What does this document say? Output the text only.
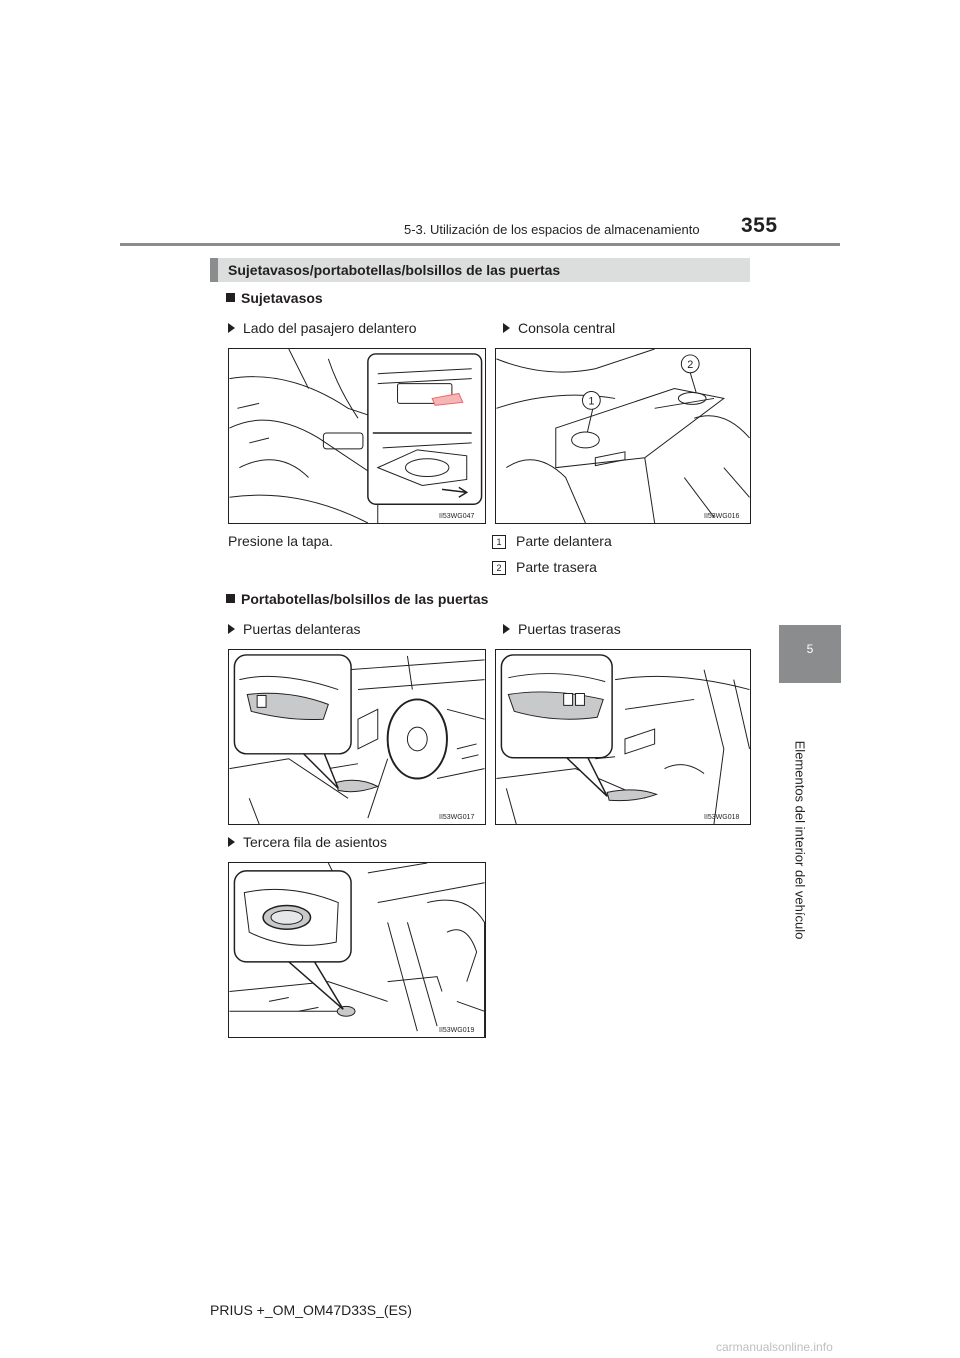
5-3. Utilización de los espacios de almacenamiento 355
5
Elementos del interior del vehículo
Sujetavasos/portabotellas/bolsillos de las puertas
Sujetavasos
Lado del pasajero delantero	Consola central
II53WG047
1
2
II53WG016
Presione la tapa.	1 Parte delantera
2 Parte trasera
Portabotellas/bolsillos de las puertas
Puertas delanteras	Puertas traseras
II53WG017	II53WG018
Tercera fila de asientos
II53WG019
PRIUS +_OM_OM47D33S_(ES)
carmanualsonline.info
